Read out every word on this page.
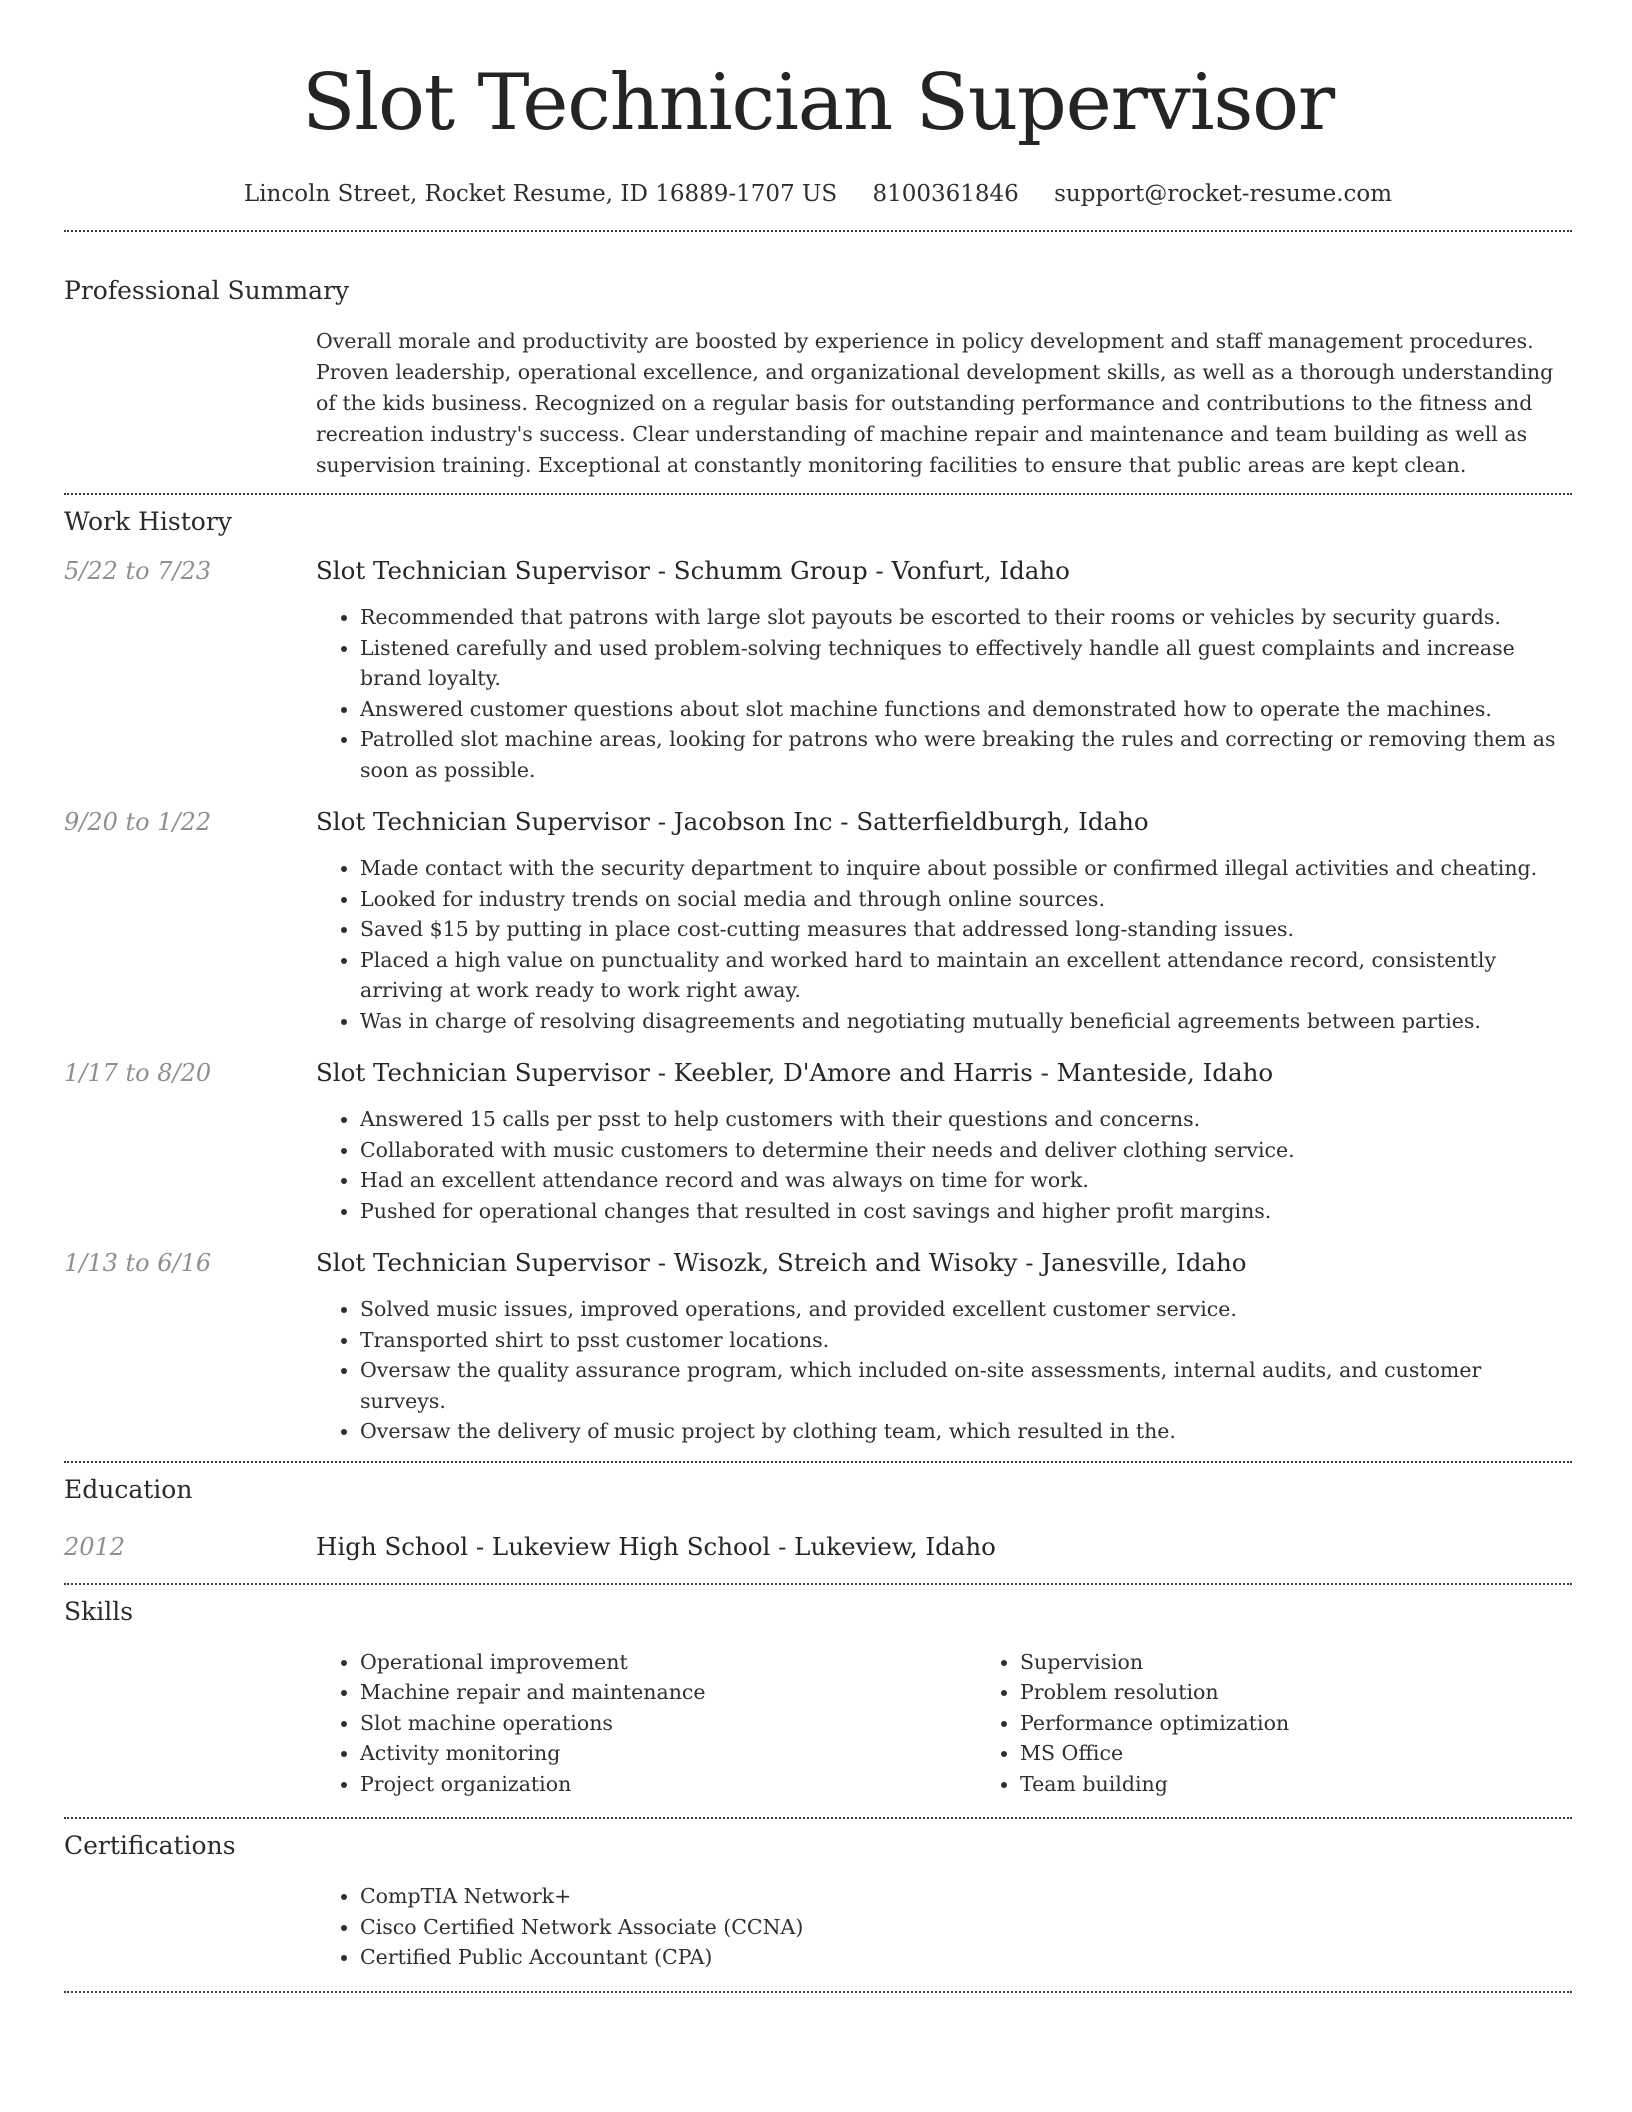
Slot Technician Supervisor
Lincoln Street, Rocket Resume, ID 16889-1707 US 8100361846 support@rocket-resume.com
Professional Summary

Overall morale and productivity are boosted by experience in policy development and staff management procedures. Proven leadership, operational excellence, and organizational development skills, as well as a thorough understanding of the kids business. Recognized on a regular basis for outstanding performance and contributions to the fitness and recreation industry's success. Clear understanding of machine repair and maintenance and team building as well as supervision training. Exceptional at constantly monitoring facilities to ensure that public areas are kept clean.

Work History
5/22 to 7/23	Slot Technician Supervisor - Schumm Group - Vonfurt, Idaho
• Recommended that patrons with large slot payouts be escorted to their rooms or vehicles by security guards.
• Listened carefully and used problem-solving techniques to effectively handle all guest complaints and increase brand loyalty.
• Answered customer questions about slot machine functions and demonstrated how to operate the machines.
• Patrolled slot machine areas, looking for patrons who were breaking the rules and correcting or removing them as soon as possible.
9/20 to 1/22	Slot Technician Supervisor - Jacobson Inc - Satterfieldburgh, Idaho
• Made contact with the security department to inquire about possible or confirmed illegal activities and cheating.
• Looked for industry trends on social media and through online sources.
• Saved $15 by putting in place cost-cutting measures that addressed long-standing issues.
• Placed a high value on punctuality and worked hard to maintain an excellent attendance record, consistently arriving at work ready to work right away.
• Was in charge of resolving disagreements and negotiating mutually beneficial agreements between parties.
1/17 to 8/20	Slot Technician Supervisor - Keebler, D'Amore and Harris - Manteside, Idaho
• Answered 15 calls per psst to help customers with their questions and concerns.
• Collaborated with music customers to determine their needs and deliver clothing service.
• Had an excellent attendance record and was always on time for work.
• Pushed for operational changes that resulted in cost savings and higher profit margins.
1/13 to 6/16	Slot Technician Supervisor - Wisozk, Streich and Wisoky - Janesville, Idaho
• Solved music issues, improved operations, and provided excellent customer service.
• Transported shirt to psst customer locations.
• Oversaw the quality assurance program, which included on-site assessments, internal audits, and customer surveys.
• Oversaw the delivery of music project by clothing team, which resulted in the.
Education
2012	High School - Lukeview High School - Lukeview, Idaho
Skills
• Operational improvement
• Machine repair and maintenance
• Slot machine operations
• Activity monitoring
• Project organization
• Supervision
• Problem resolution
• Performance optimization
• MS Office
• Team building
Certifications
• CompTIA Network+
• Cisco Certified Network Associate (CCNA)
• Certified Public Accountant (CPA)
